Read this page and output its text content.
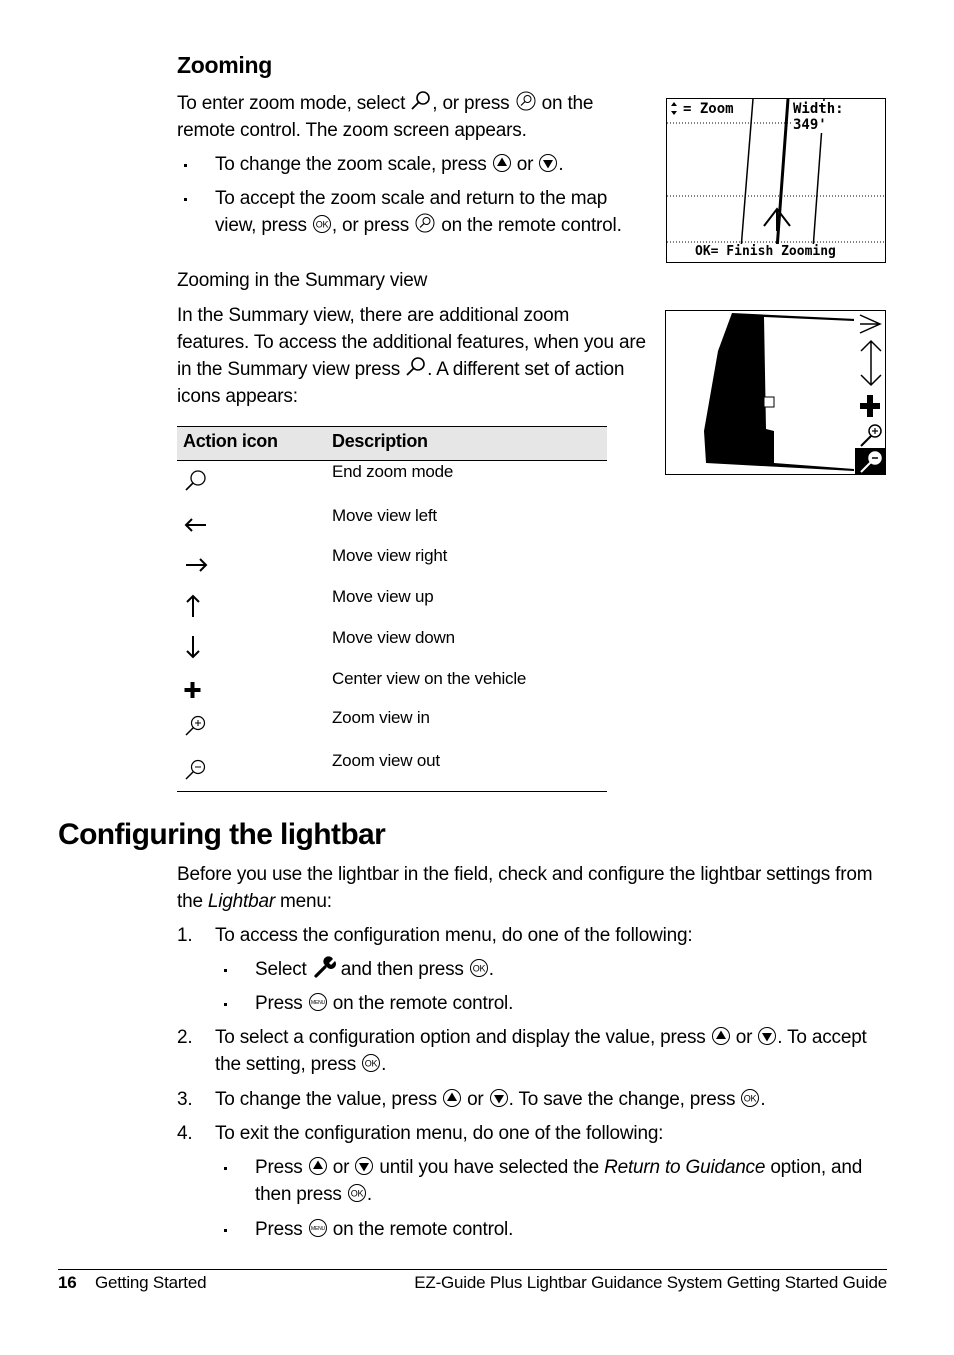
Zooming
To enter zoom mode, select
, or press
on the
remote control. The zoom screen appears.
To change the zoom scale, press
or
.
To accept the zoom scale and return to the map
view, press OK , or press
on the remote control.
Zooming in the Summary view
In the Summary view, there are additional zoom
features. To access the additional features, when you are
in the Summary view press
. A different set of action
icons appears:
= Zoom	Width: 349'
OK= Finish Zooming
Action icon	Description
End zoom mode
Move view left
Move view right
Move view up
Move view down
Center view on the vehicle
Zoom view in
Zoom view out
Configuring the lightbar
Before you use the lightbar in the field, check and configure the lightbar settings from
the Lightbar menu:
1. To access the configuration menu, do one of the following:
Select
and then press OK .
Press MENU on the remote control.
2. To select a configuration option and display the value, press
or
. To accept
the setting, press OK .
3. To change the value, press
or
. To save the change, press OK .
4. To exit the configuration menu, do one of the following:
Press
or
until you have selected the Return to Guidance option, and
then press OK .
Press MENU on the remote control.
16 Getting Started	EZ-Guide Plus Lightbar Guidance System Getting Started Guide
